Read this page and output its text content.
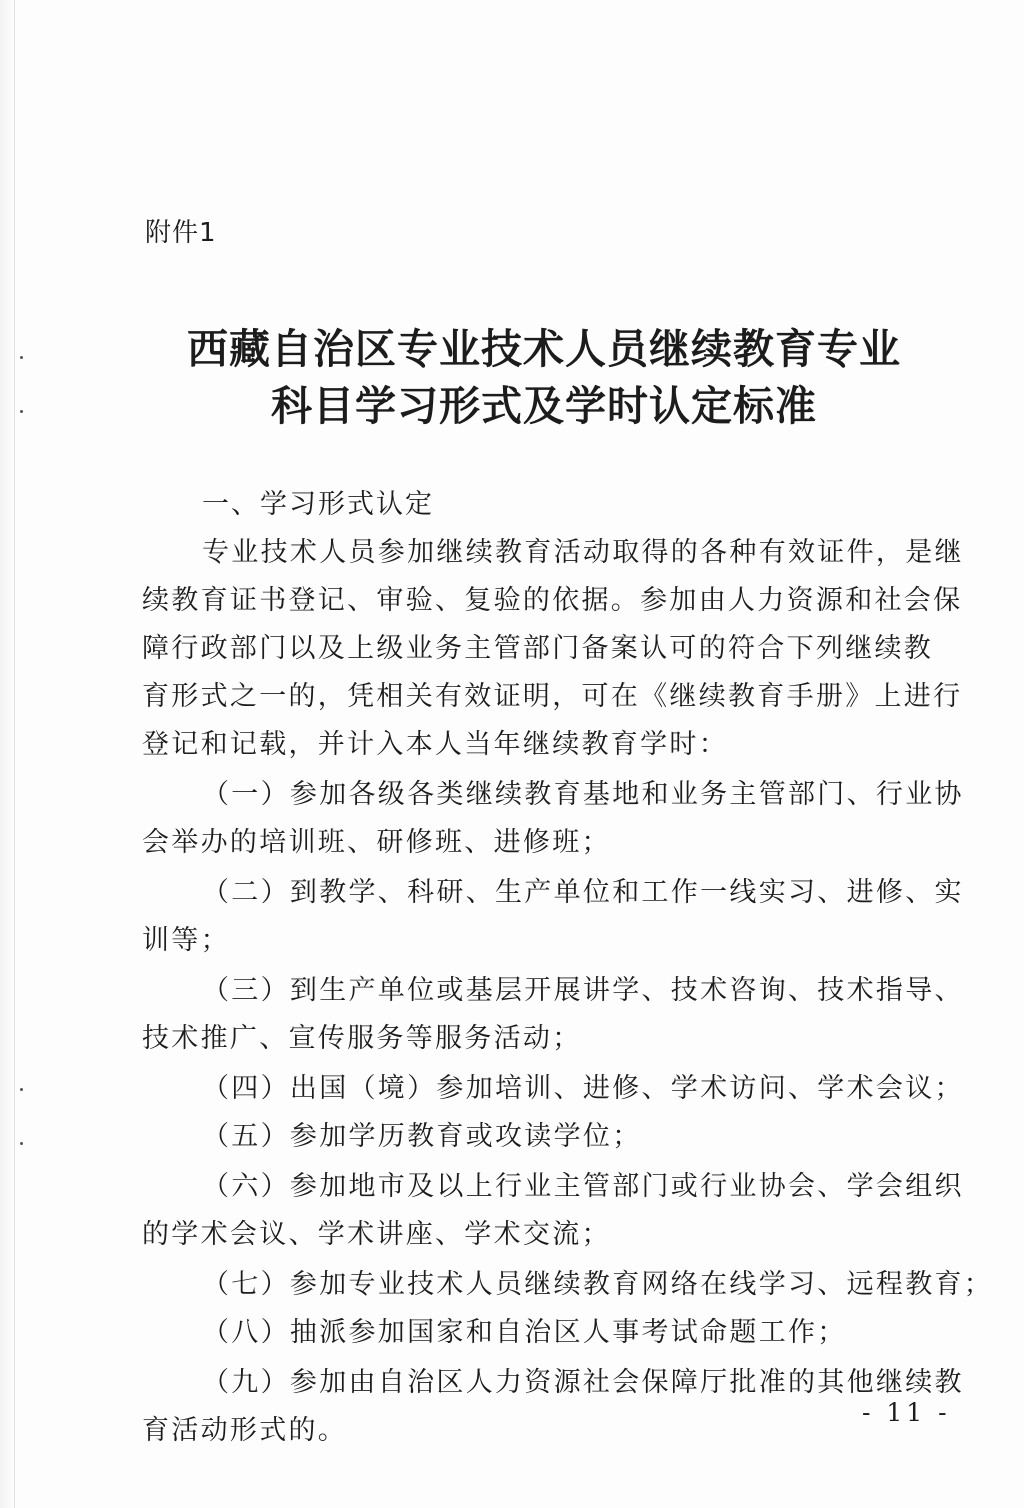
附件1
西藏自治区专业技术人员继续教育专业
科目学习形式及学时认定标准
一、学习形式认定
专业技术人员参加继续教育活动取得的各种有效证件，是继
续教育证书登记、审验、复验的依据。参加由人力资源和社会保
障行政部门以及上级业务主管部门备案认可的符合下列继续教
育形式之一的，凭相关有效证明，可在《继续教育手册》上进行
登记和记载，并计入本人当年继续教育学时：
（一）参加各级各类继续教育基地和业务主管部门、行业协
会举办的培训班、研修班、进修班；
（二）到教学、科研、生产单位和工作一线实习、进修、实
训等；
（三）到生产单位或基层开展讲学、技术咨询、技术指导、
技术推广、宣传服务等服务活动；
（四）出国（境）参加培训、进修、学术访问、学术会议；
（五）参加学历教育或攻读学位；
（六）参加地市及以上行业主管部门或行业协会、学会组织
的学术会议、学术讲座、学术交流；
（七）参加专业技术人员继续教育网络在线学习、远程教育；
（八）抽派参加国家和自治区人事考试命题工作；
（九）参加由自治区人力资源社会保障厅批准的其他继续教
育活动形式的。
- 11 -
